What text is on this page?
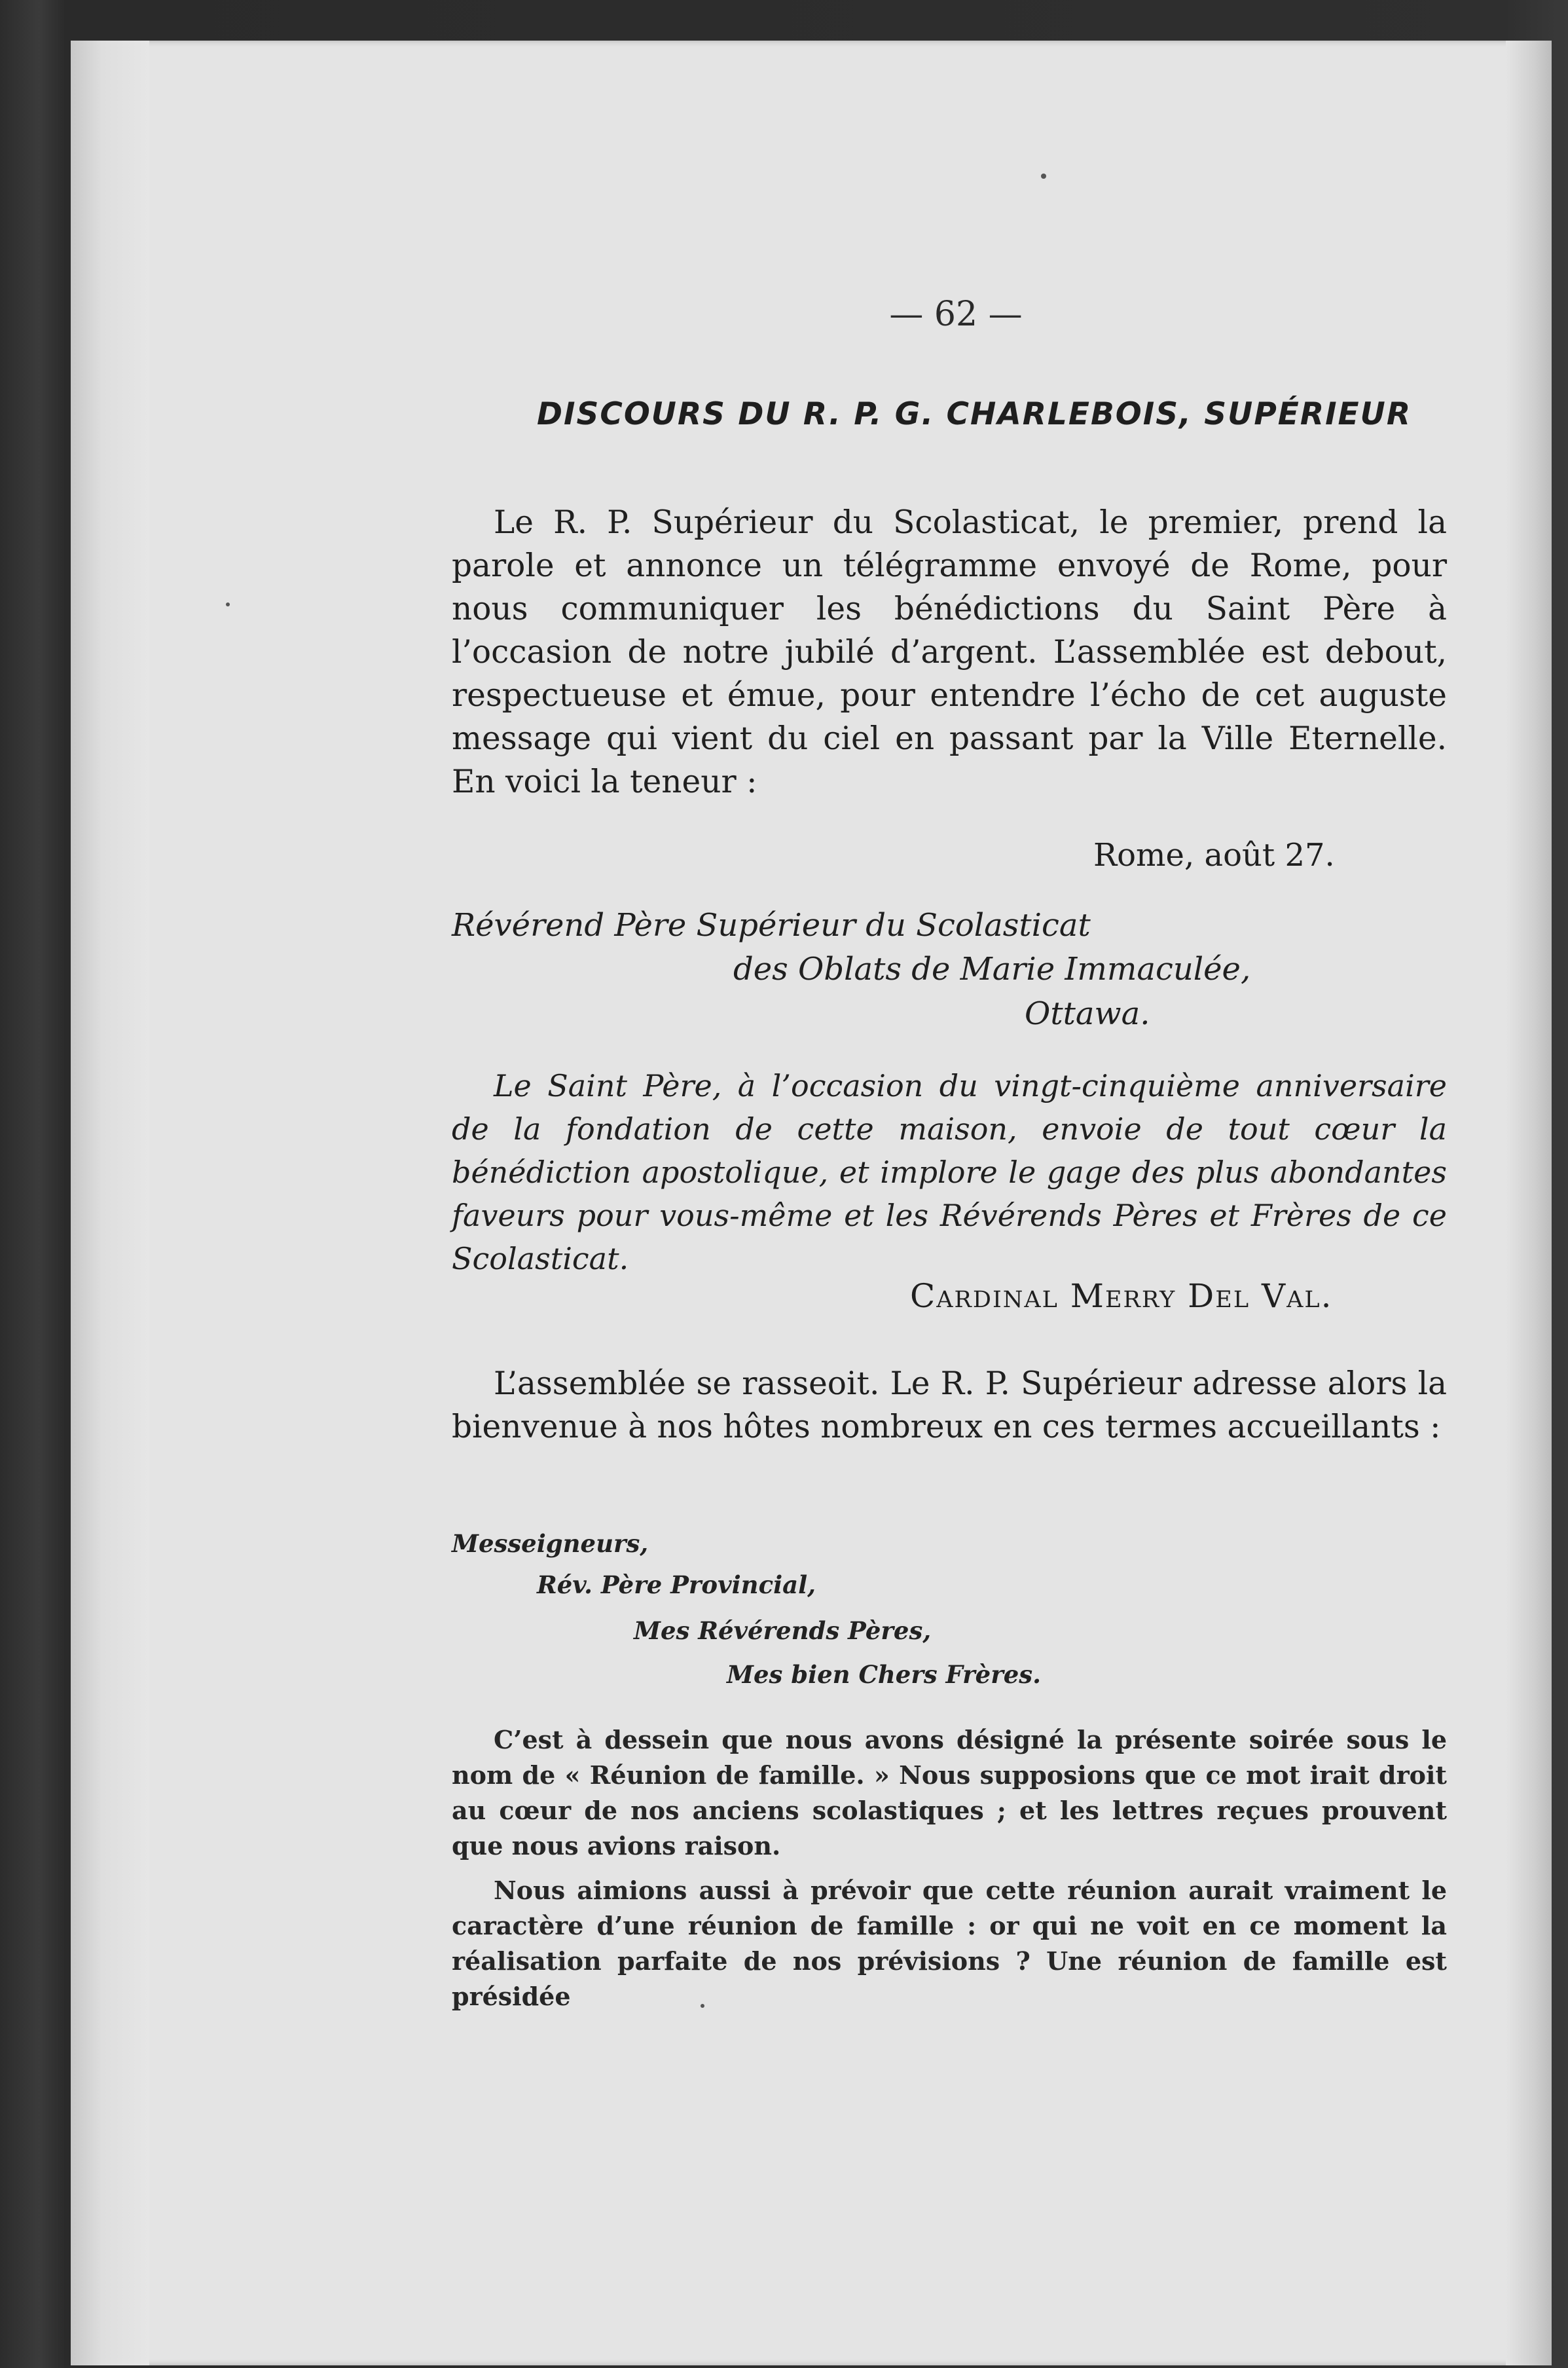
— 62 —
DISCOURS DU R. P. G. CHARLEBOIS, SUPÉRIEUR

Le R. P. Supérieur du Scolasticat, le premier, prend la parole et annonce un télégramme envoyé de Rome, pour nous communiquer les bénédictions du Saint Père à l’occasion de notre jubilé d’argent. L’assemblée est debout, respectueuse et émue, pour entendre l’écho de cet auguste message qui vient du ciel en passant par la Ville Eternelle. En voici la teneur :

Rome, août 27.
Révérend Père Supérieur du Scolasticat
des Oblats de Marie Immaculée,
Ottawa.

Le Saint Père, à l’occasion du vingt-cinquième anniversaire de la fondation de cette maison, envoie de tout cœur la bénédiction apostolique, et implore le gage des plus abondantes faveurs pour vous-même et les Révérends Pères et Frères de ce Scolasticat.

Cardinal Merry Del Val.

L’assemblée se rasseoit. Le R. P. Supérieur adresse alors la bienvenue à nos hôtes nombreux en ces termes accueillants :

Messeigneurs,
Rév. Père Provincial,
Mes Révérends Pères,
Mes bien Chers Frères.

C’est à dessein que nous avons désigné la présente soirée sous le nom de « Réunion de famille. » Nous supposions que ce mot irait droit au cœur de nos anciens scolastiques ; et les lettres reçues prouvent que nous avions raison.

Nous aimions aussi à prévoir que cette réunion aurait vraiment le caractère d’une réunion de famille : or qui ne voit en ce moment la réalisation parfaite de nos prévisions ? Une réunion de famille est présidée
